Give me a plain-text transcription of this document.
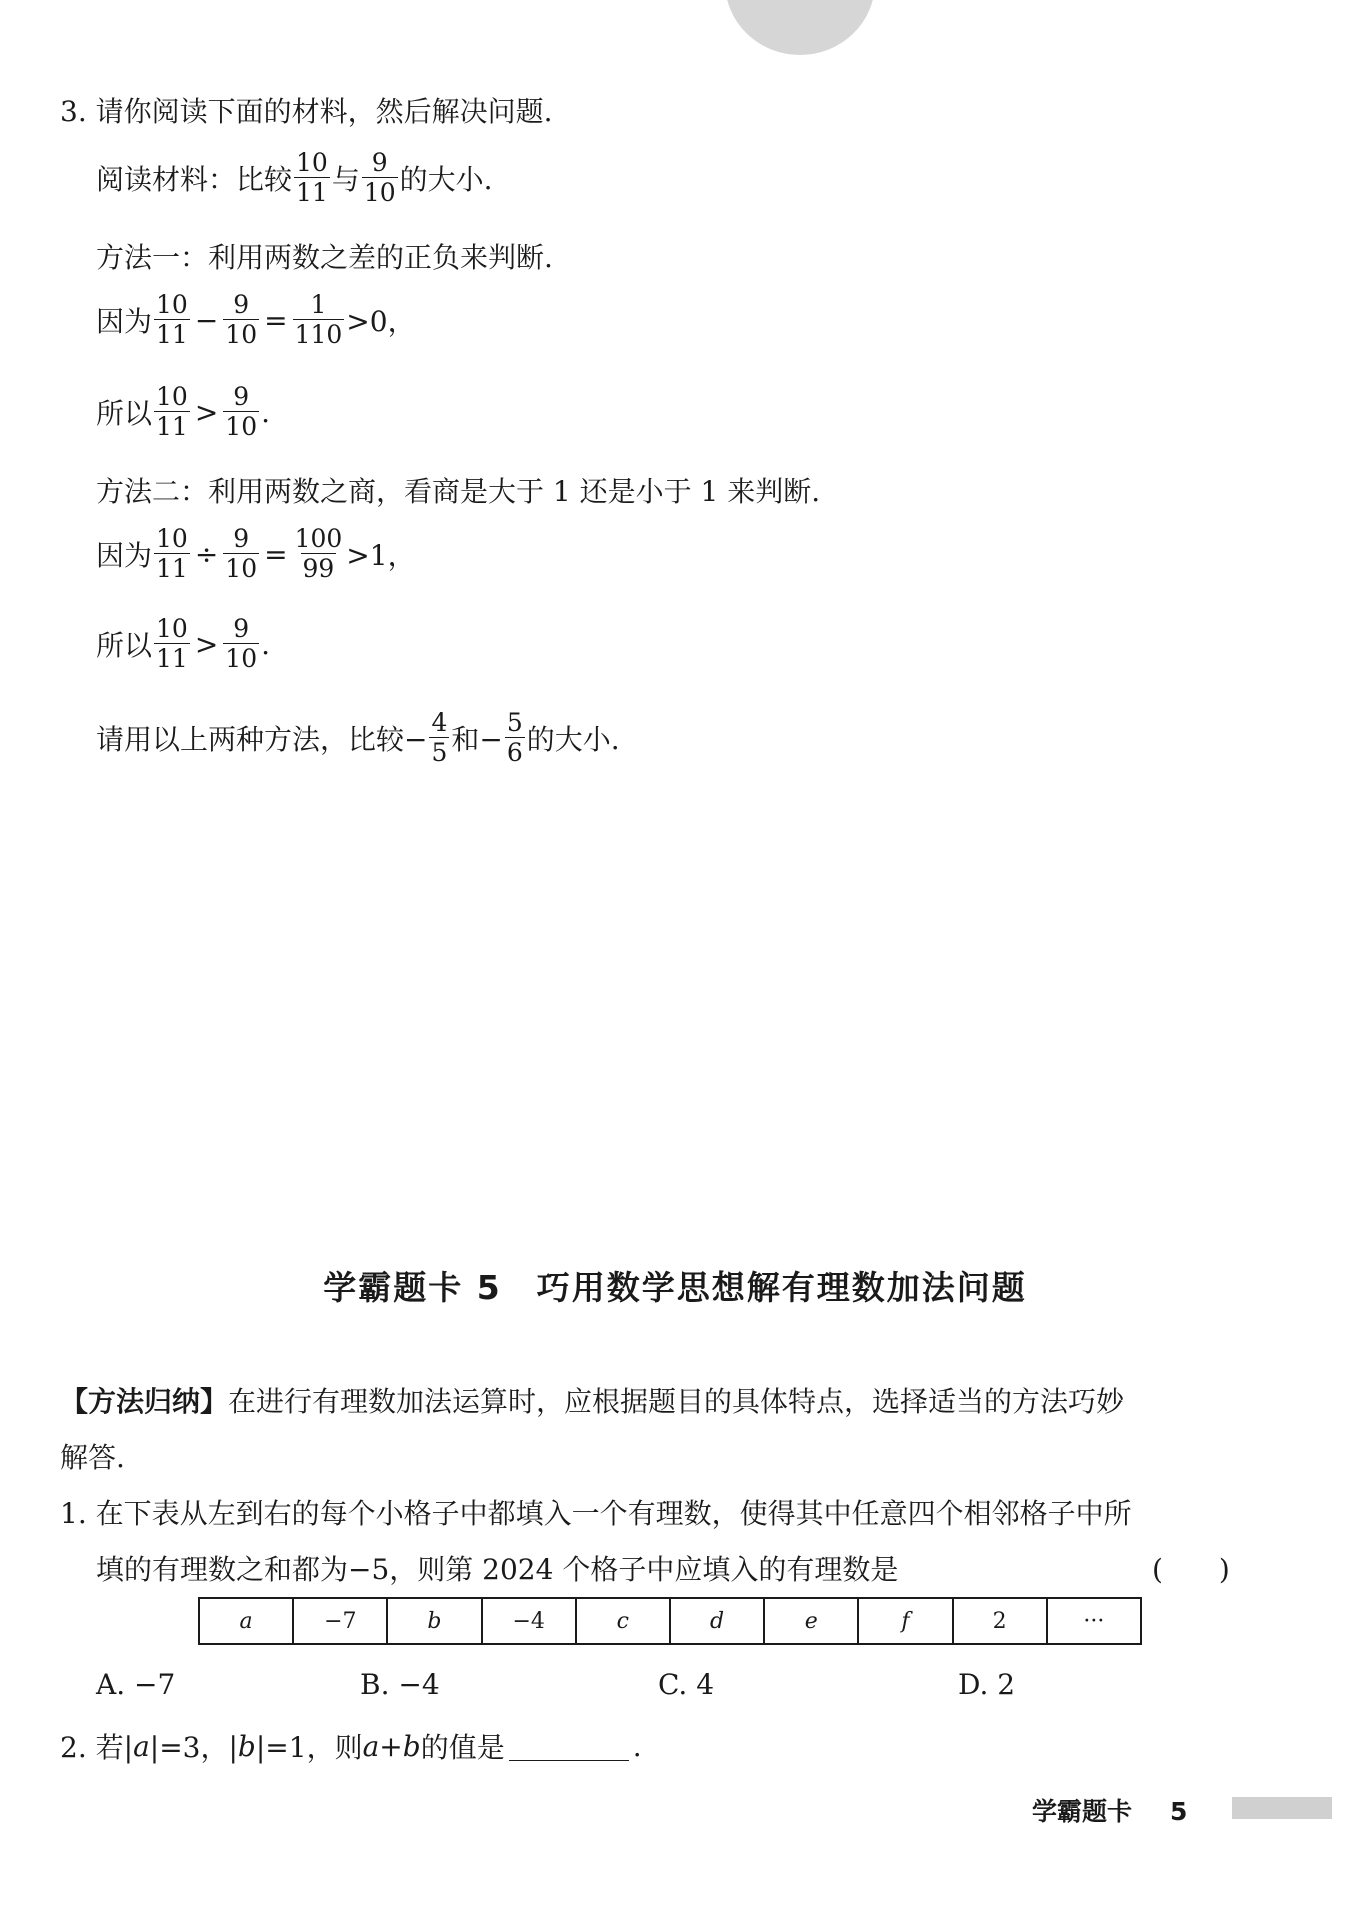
3. 请你阅读下面的材料，然后解决问题.
阅读材料：比较 $\frac{10}{11}$ 与 $\frac{9}{10}$ 的大小.
方法一：利用两数之差的正负来判断.
因为 $\frac{10}{11} - \frac{9}{10} = \frac{1}{110} >0$，
所以 $\frac{10}{11} > \frac{9}{10}$ .
方法二：利用两数之商，看商是大于 1 还是小于 1 来判断.
因为 $\frac{10}{11} \div \frac{9}{10} = \frac{100}{99} >1$，
所以 $\frac{10}{11} > \frac{9}{10}$ .
请用以上两种方法，比较− $\frac{4}{5}$ 和− $\frac{5}{6}$ 的大小.
学霸题卡 5　巧用数学思想解有理数加法问题
【方法归纳】 在进行有理数加法运算时，应根据题目的具体特点，选择适当的方法巧妙
解答.
1. 在下表从左到右的每个小格子中都填入一个有理数，使得其中任意四个相邻格子中所
填的有理数之和都为−5，则第 2024 个格子中应填入的有理数是	(　　)
a	−7	b	−4	c	d	e	f	2	···
A. −7	B. −4	C. 4	D. 2
2. 若| a |=3，| b |=1，则 a + b 的值是	.
学霸题卡 5
